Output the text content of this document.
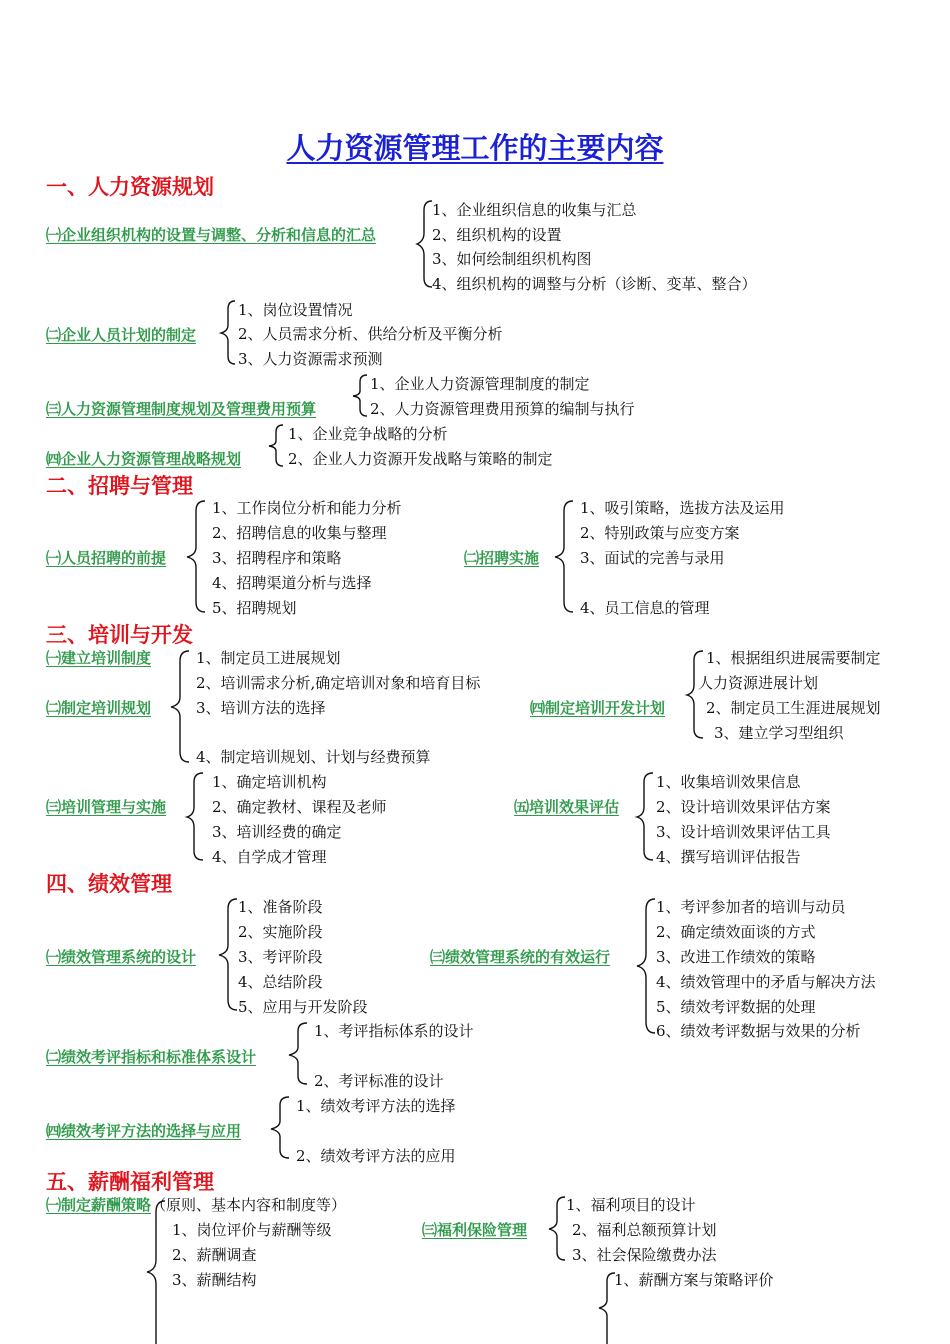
人力资源管理工作的主要内容
一、人力资源规划
㈠企业组织机构的设置与调整、分析和信息的汇总
1、企业组织信息的收集与汇总
2、组织机构的设置
3、如何绘制组织机构图
4、组织机构的调整与分析（诊断、变革、整合）
㈡企业人员计划的制定
1、岗位设置情况
2、人员需求分析、供给分析及平衡分析
3、人力资源需求预测
㈢人力资源管理制度规划及管理费用预算
1、企业人力资源管理制度的制定
2、人力资源管理费用预算的编制与执行
㈣企业人力资源管理战略规划
1、企业竞争战略的分析
2、企业人力资源开发战略与策略的制定
二、招聘与管理
㈠人员招聘的前提
1、工作岗位分析和能力分析
2、招聘信息的收集与整理
3、招聘程序和策略
4、招聘渠道分析与选择
5、招聘规划
㈡招聘实施
1、吸引策略，选拔方法及运用
2、特别政策与应变方案
3、面试的完善与录用
4、员工信息的管理
三、培训与开发
㈠建立培训制度
㈡制定培训规划
1、制定员工进展规划
2、培训需求分析,确定培训对象和培育目标
3、培训方法的选择
4、制定培训规划、计划与经费预算
㈣制定培训开发计划
1、根据组织进展需要制定
人力资源进展计划
2、制定员工生涯进展规划
3、建立学习型组织
㈢培训管理与实施
1、确定培训机构
2、确定教材、课程及老师
3、培训经费的确定
4、自学成才管理
㈤培训效果评估
1、收集培训效果信息
2、设计培训效果评估方案
3、设计培训效果评估工具
4、撰写培训评估报告
四、绩效管理
㈠绩效管理系统的设计
1、准备阶段
2、实施阶段
3、考评阶段
4、总结阶段
5、应用与开发阶段
㈢绩效管理系统的有效运行
1、考评参加者的培训与动员
2、确定绩效面谈的方式
3、改进工作绩效的策略
4、绩效管理中的矛盾与解决方法
5、绩效考评数据的处理
6、绩效考评数据与效果的分析
㈡绩效考评指标和标准体系设计
1、考评指标体系的设计
2、考评标准的设计
㈣绩效考评方法的选择与应用
1、绩效考评方法的选择
2、绩效考评方法的应用
五、薪酬福利管理
㈠制定薪酬策略（原则、基本内容和制度等）
1、岗位评价与薪酬等级
2、薪酬调查
3、薪酬结构
㈢福利保险管理
1、福利项目的设计
2、福利总额预算计划
3、社会保险缴费办法
1、薪酬方案与策略评价
